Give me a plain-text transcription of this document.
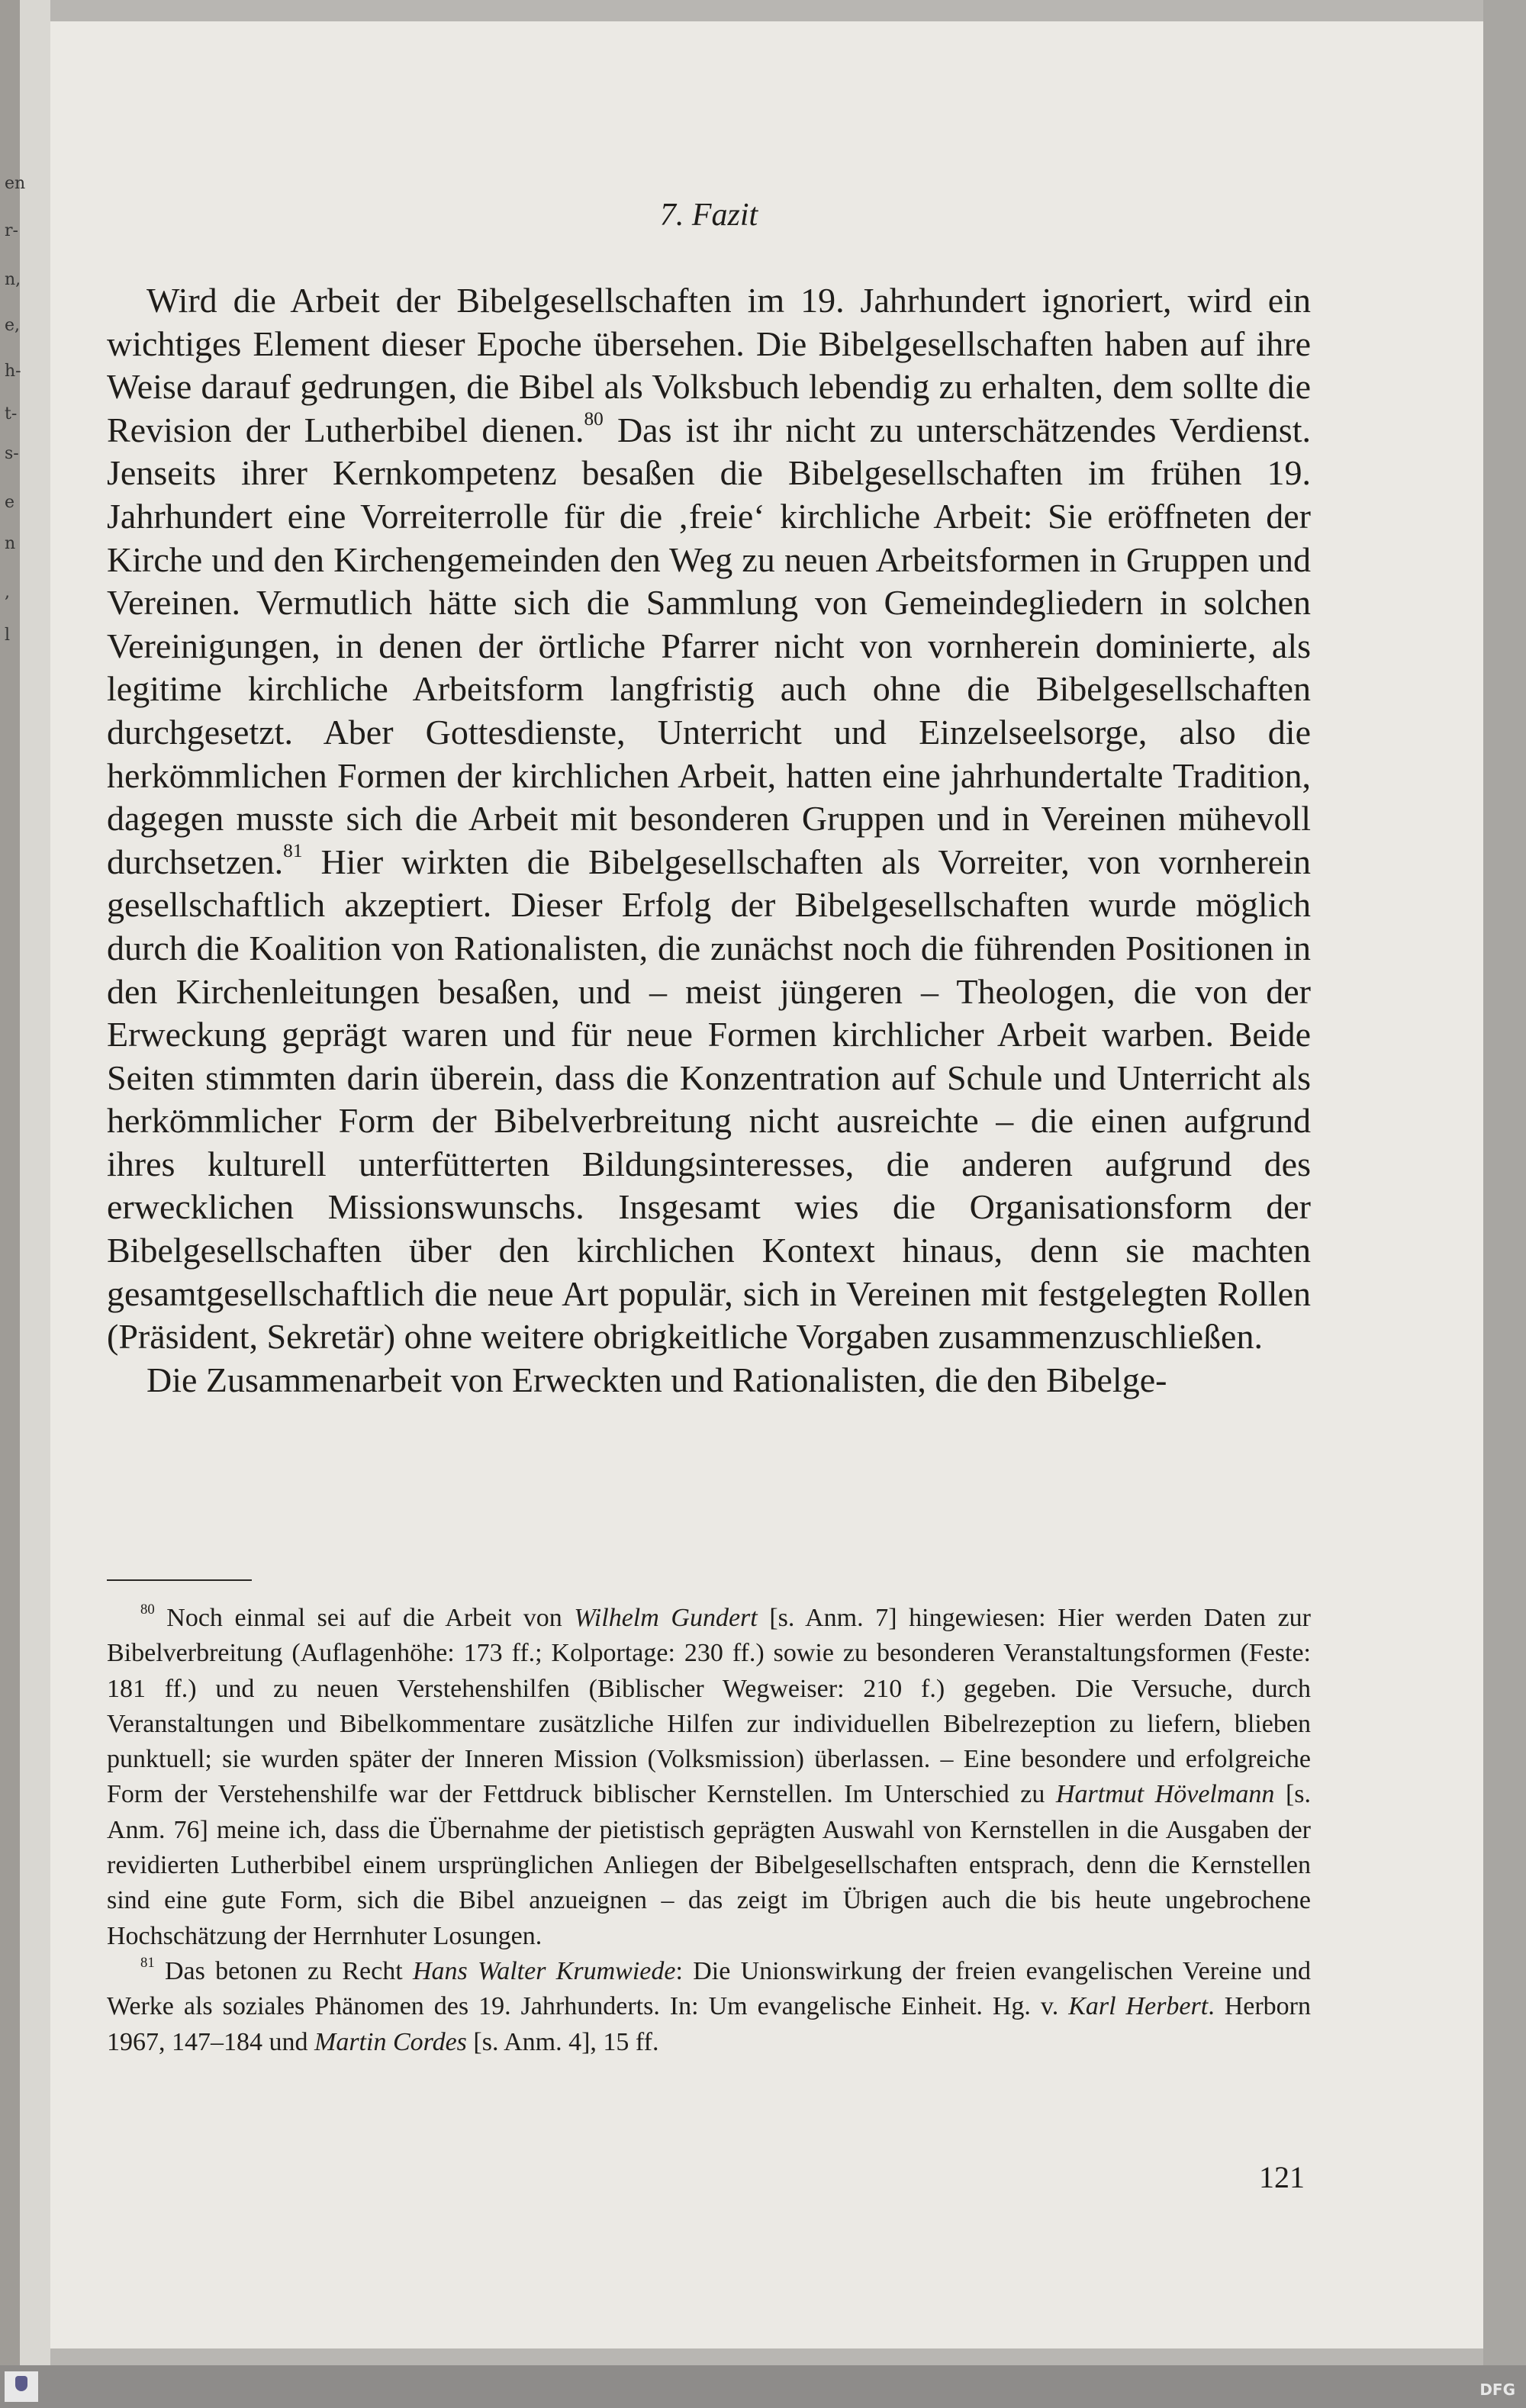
en
r-
n,
e,
h-
t-
s-
e
n
,
l
7. Fazit

Wird die Arbeit der Bibelgesellschaften im 19. Jahrhundert ignoriert, wird ein wichtiges Element dieser Epoche übersehen. Die Bibelgesellschaften haben auf ihre Weise darauf gedrungen, die Bibel als Volksbuch lebendig zu erhalten, dem sollte die Revision der Lutherbibel dienen.$^{80}$ Das ist ihr nicht zu unterschätzendes Verdienst. Jenseits ihrer Kernkompetenz besaßen die Bibelgesellschaften im frühen 19. Jahrhundert eine Vorreiterrolle für die ‚freie‘ kirchliche Arbeit: Sie eröffneten der Kirche und den Kirchengemeinden den Weg zu neuen Arbeitsformen in Gruppen und Vereinen. Vermutlich hätte sich die Sammlung von Gemeindegliedern in solchen Vereinigungen, in denen der örtliche Pfarrer nicht von vornherein dominierte, als legitime kirchliche Arbeitsform langfristig auch ohne die Bibelgesellschaften durchgesetzt. Aber Gottesdienste, Unterricht und Einzelseelsorge, also die herkömmlichen Formen der kirchlichen Arbeit, hatten eine jahrhundertalte Tradition, dagegen musste sich die Arbeit mit besonderen Gruppen und in Vereinen mühevoll durchsetzen.$^{81}$ Hier wirkten die Bibelgesellschaften als Vorreiter, von vornherein gesellschaftlich akzeptiert. Dieser Erfolg der Bibelgesellschaften wurde möglich durch die Koalition von Rationalisten, die zunächst noch die führenden Positionen in den Kirchenleitungen besaßen, und – meist jüngeren – Theologen, die von der Erweckung geprägt waren und für neue Formen kirchlicher Arbeit warben. Beide Seiten stimmten darin überein, dass die Konzentration auf Schule und Unterricht als herkömmlicher Form der Bibelverbreitung nicht ausreichte – die einen aufgrund ihres kulturell unterfütterten Bildungsinteresses, die anderen aufgrund des erwecklichen Missionswunschs. Insgesamt wies die Organisationsform der Bibelgesellschaften über den kirchlichen Kontext hinaus, denn sie machten gesamtgesellschaftlich die neue Art populär, sich in Vereinen mit festgelegten Rollen (Präsident, Sekretär) ohne weitere obrigkeitliche Vorgaben zusammenzuschließen.

Die Zusammenarbeit von Erweckten und Rationalisten, die den Bibelge-

$^{80}$ Noch einmal sei auf die Arbeit von Wilhelm Gundert [s. Anm. 7] hingewiesen: Hier werden Daten zur Bibelverbreitung (Auflagenhöhe: 173 ff.; Kolportage: 230 ff.) sowie zu besonderen Veranstaltungsformen (Feste: 181 ff.) und zu neuen Verstehenshilfen (Biblischer Wegweiser: 210 f.) gegeben. Die Versuche, durch Veranstaltungen und Bibelkommentare zusätzliche Hilfen zur individuellen Bibelrezeption zu liefern, blieben punktuell; sie wurden später der Inneren Mission (Volksmission) überlassen. – Eine besondere und erfolgreiche Form der Verstehenshilfe war der Fettdruck biblischer Kernstellen. Im Unterschied zu Hartmut Hövelmann [s. Anm. 76] meine ich, dass die Übernahme der pietistisch geprägten Auswahl von Kernstellen in die Ausgaben der revidierten Lutherbibel einem ursprünglichen Anliegen der Bibelgesellschaften entsprach, denn die Kernstellen sind eine gute Form, sich die Bibel anzueignen – das zeigt im Übrigen auch die bis heute ungebrochene Hochschätzung der Herrnhuter Losungen.

$^{81}$ Das betonen zu Recht Hans Walter Krumwiede: Die Unionswirkung der freien evangelischen Vereine und Werke als soziales Phänomen des 19. Jahrhunderts. In: Um evangelische Einheit. Hg. v. Karl Herbert. Herborn 1967, 147–184 und Martin Cordes [s. Anm. 4], 15 ff.

121
DFG
